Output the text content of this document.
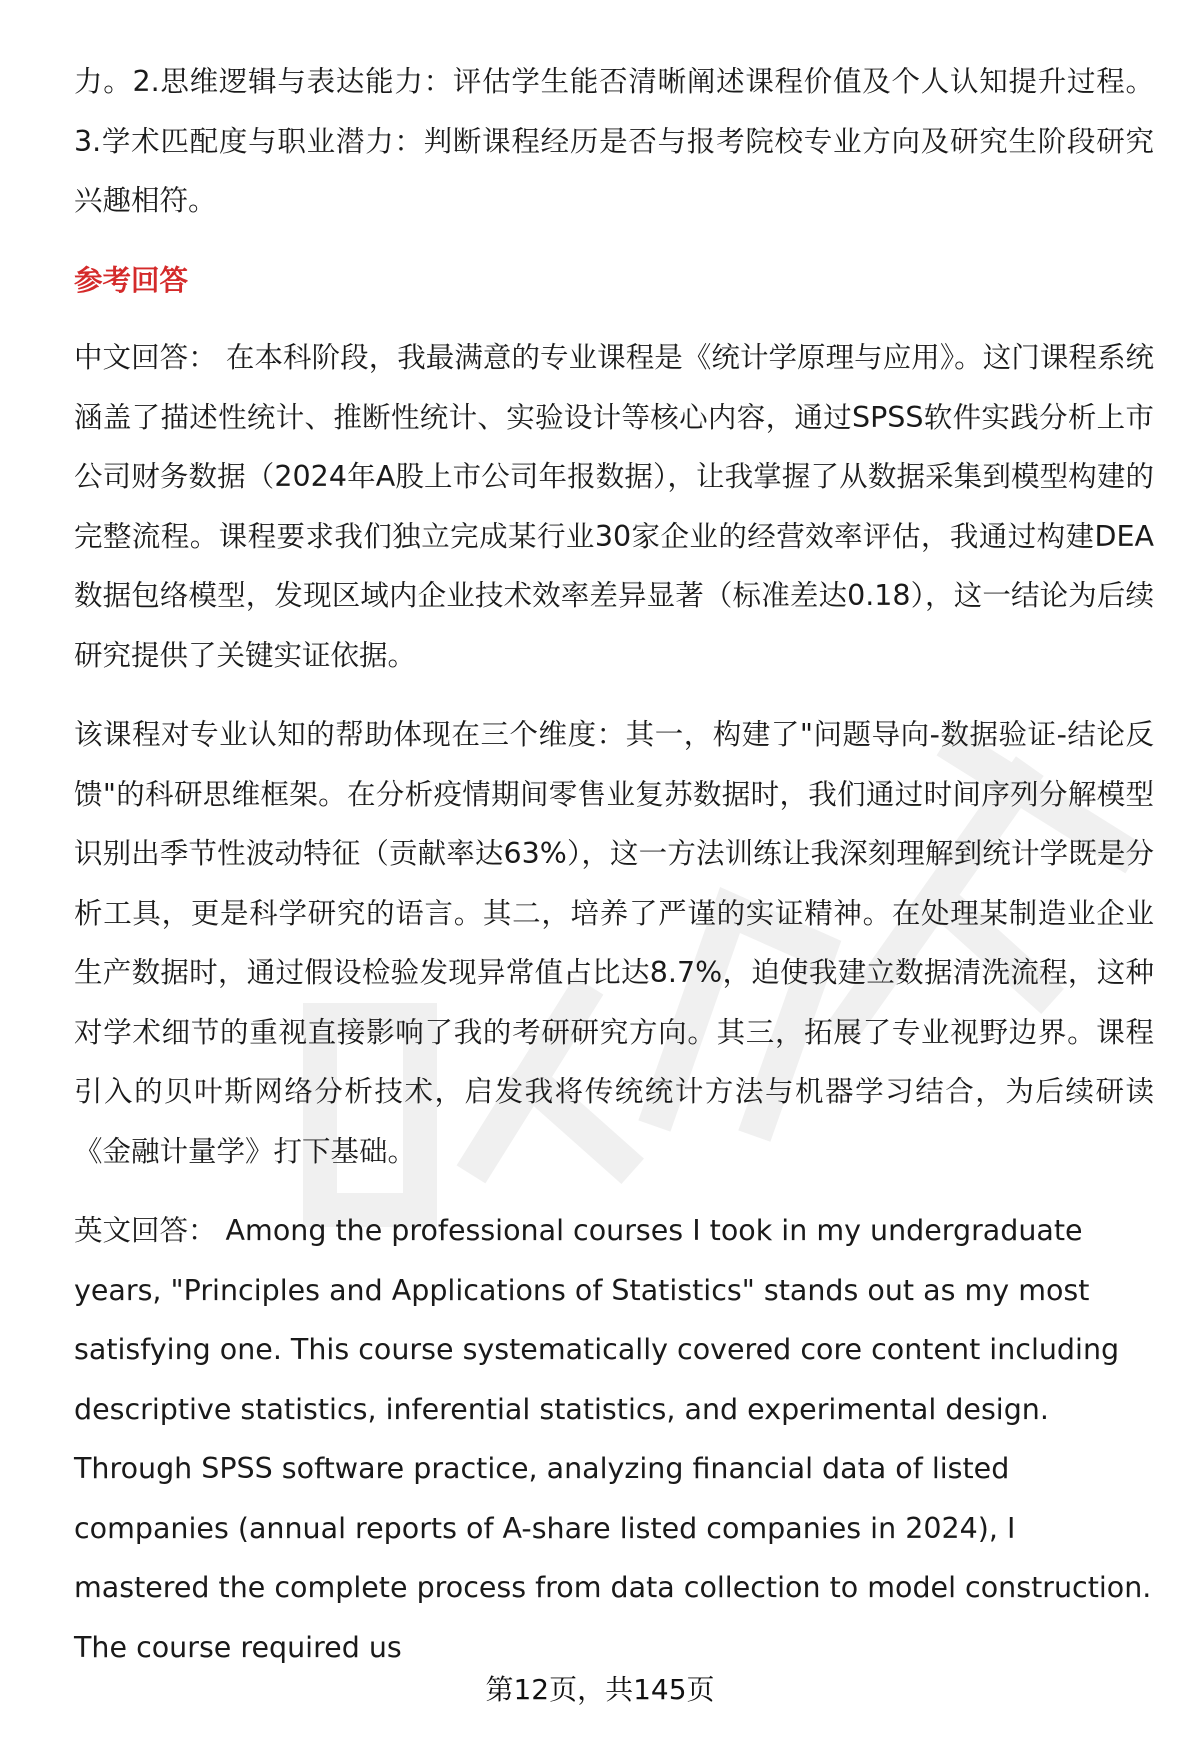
力。2.思维逻辑与表达能力：评估学生能否清晰阐述课程价值及个人认知提升过程。3.学术匹配度与职业潜力：判断课程经历是否与报考院校专业方向及研究生阶段研究兴趣相符。

参考回答

中文回答： 在本科阶段，我最满意的专业课程是《统计学原理与应用》。这门课程系统涵盖了描述性统计、推断性统计、实验设计等核心内容，通过SPSS软件实践分析上市公司财务数据（2024年A股上市公司年报数据），让我掌握了从数据采集到模型构建的完整流程。课程要求我们独立完成某行业30家企业的经营效率评估，我通过构建DEA数据包络模型，发现区域内企业技术效率差异显著（标准差达0.18），这一结论为后续研究提供了关键实证依据。

该课程对专业认知的帮助体现在三个维度：其一，构建了"问题导向-数据验证-结论反馈"的科研思维框架。在分析疫情期间零售业复苏数据时，我们通过时间序列分解模型识别出季节性波动特征（贡献率达63%），这一方法训练让我深刻理解到统计学既是分析工具，更是科学研究的语言。其二，培养了严谨的实证精神。在处理某制造业企业生产数据时，通过假设检验发现异常值占比达8.7%，迫使我建立数据清洗流程，这种对学术细节的重视直接影响了我的考研研究方向。其三，拓展了专业视野边界。课程引入的贝叶斯网络分析技术，启发我将传统统计方法与机器学习结合，为后续研读《金融计量学》打下基础。

英文回答： Among the professional courses I took in my undergraduate years, "Principles and Applications of Statistics" stands out as my most satisfying one. This course systematically covered core content including descriptive statistics, inferential statistics, and experimental design. Through SPSS software practice, analyzing financial data of listed companies (annual reports of A-share listed companies in 2024), I mastered the complete process from data collection to model construction. The course required us

第12页，共145页
